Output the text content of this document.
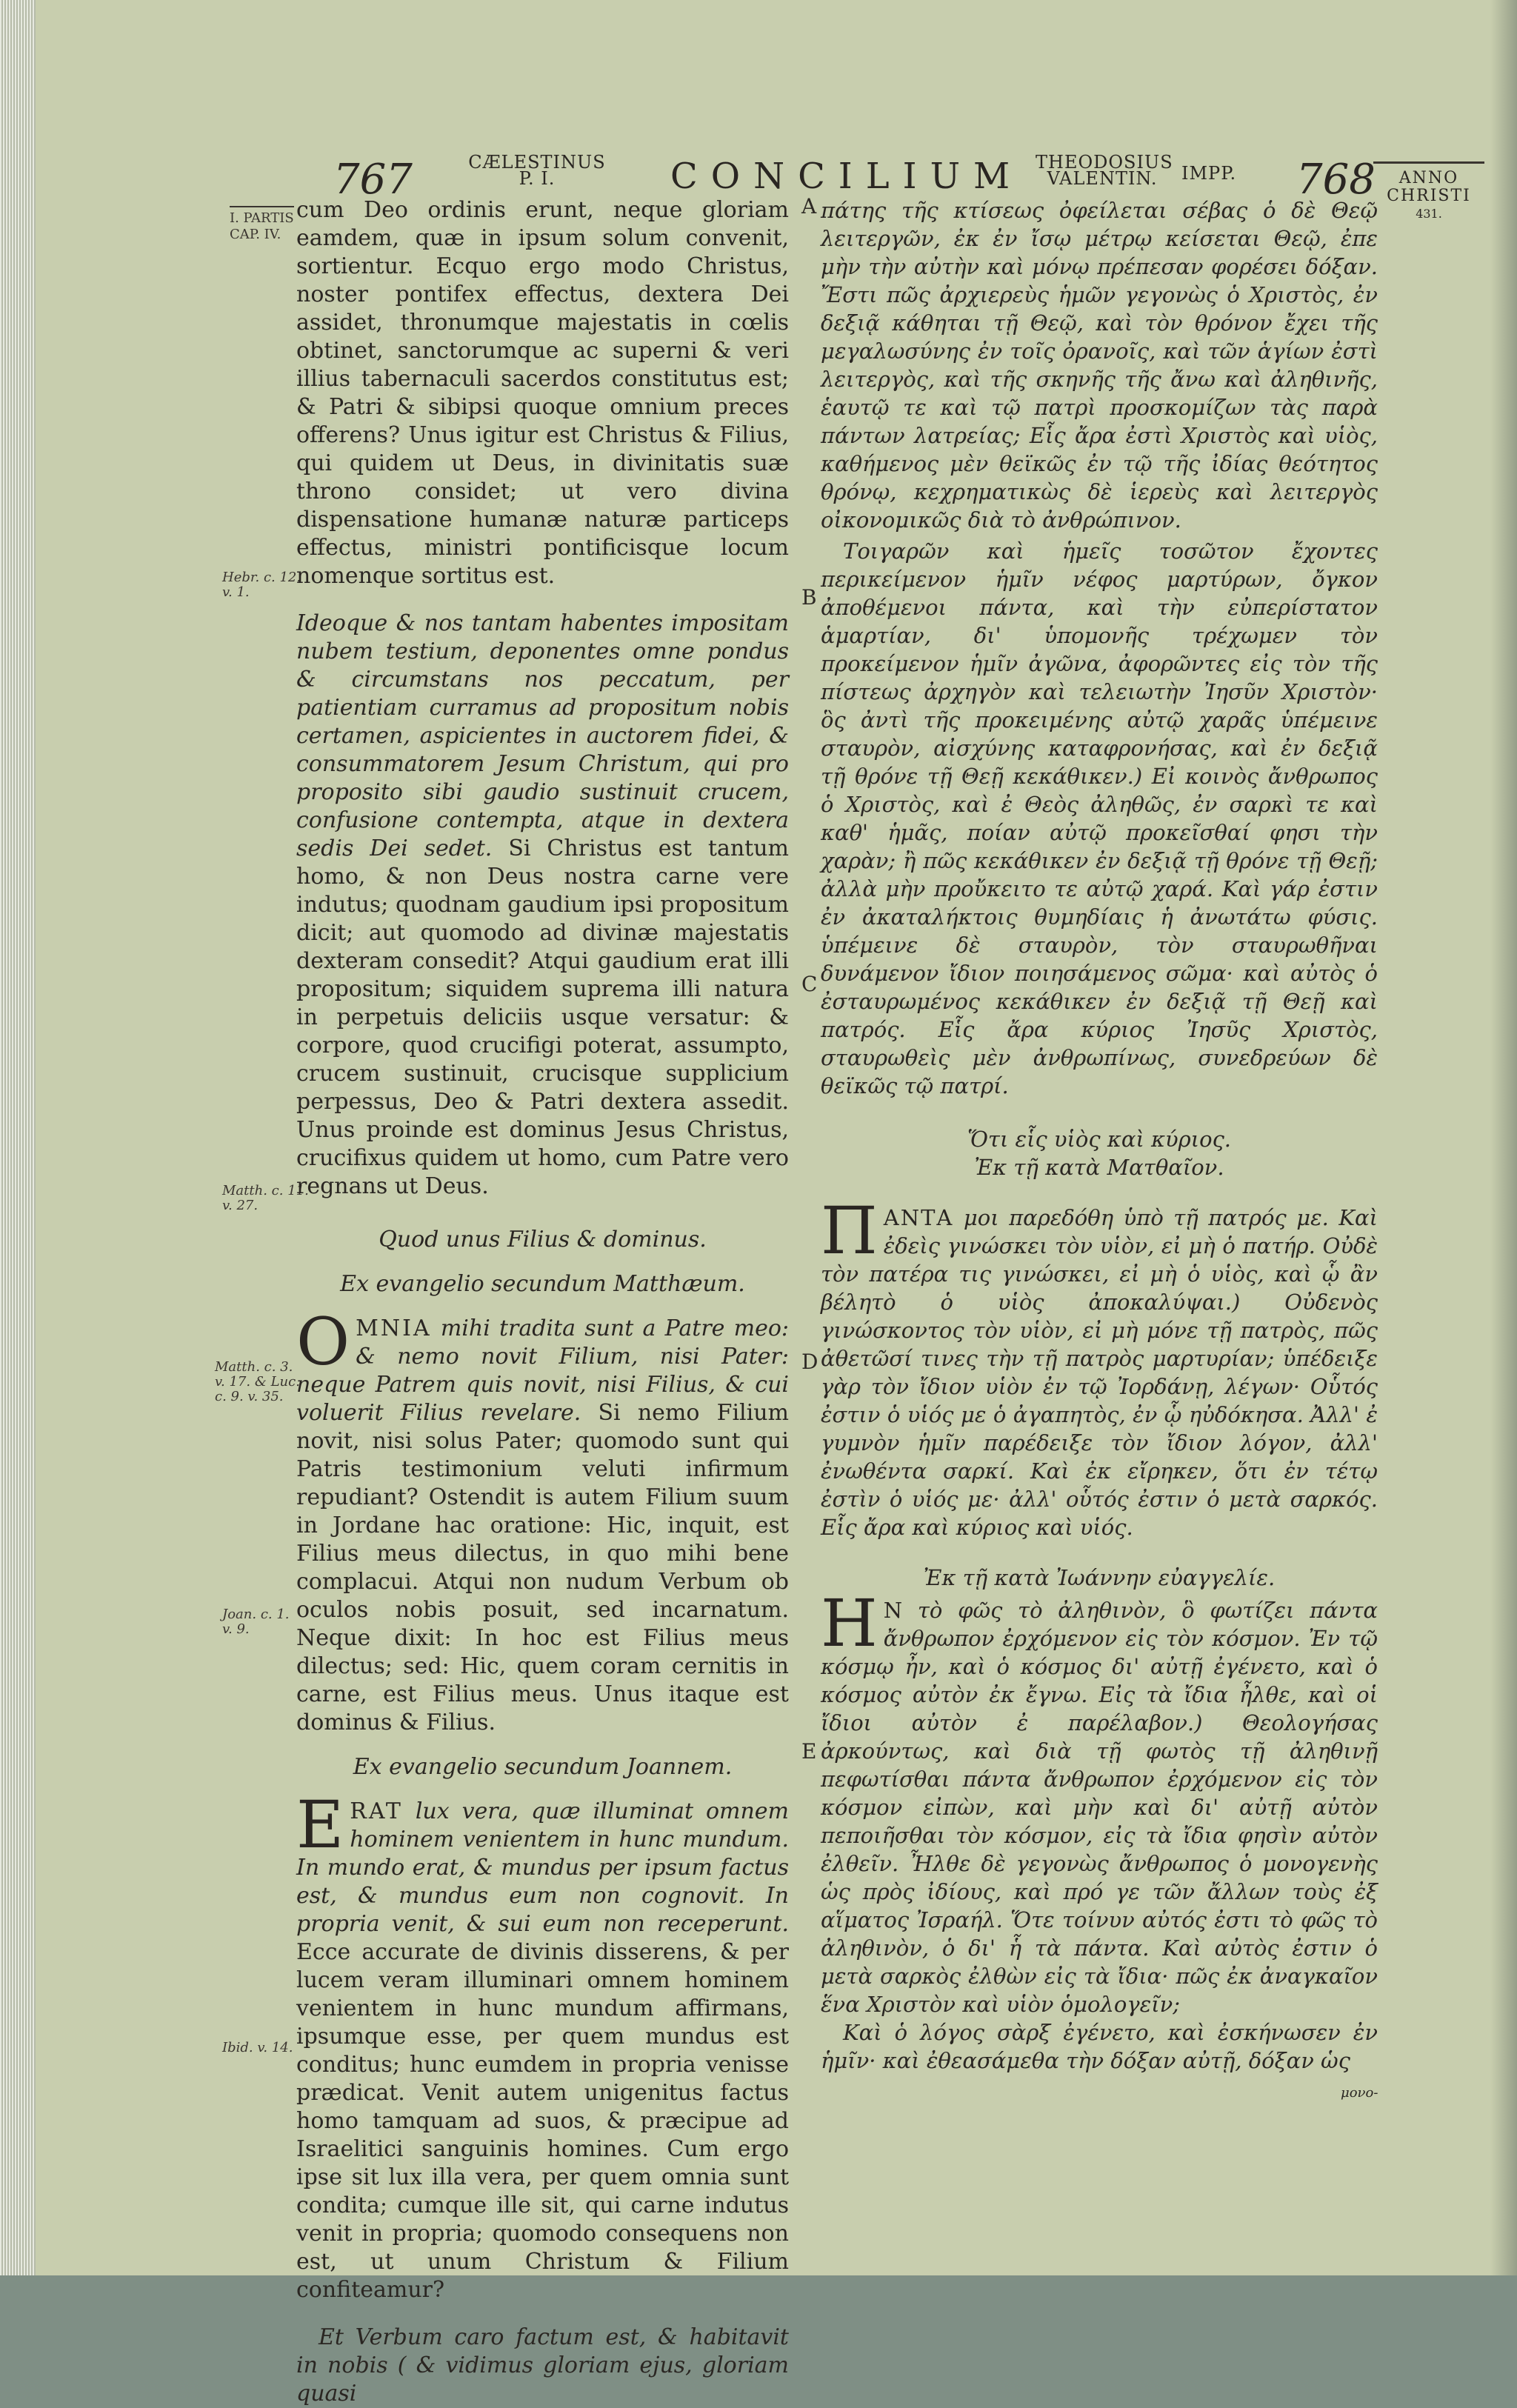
767	CÆLESTINUS
P. I.	CONCILIUM THEODOSIUS
VALENTIN.	IMPP. 768	ANNO
CHRISTI
431.
I. PARTIS
CAP. IV.
Hebr. c. 12.
v. 1.
Matth. c. 11.
v. 27.
Matth. c. 3.
v. 17. & Luc.
c. 9. v. 35.
Joan. c. 1.
v. 9.
Ibid. v. 14.
A
B
C
D
E

cum Deo ordinis erunt, neque gloriam eamdem, quæ in ipsum solum convenit, sortientur. Ecquo ergo modo Christus, noster pontifex effectus, dextera Dei assidet, thronumque majestatis in cœlis obtinet, sanctorumque ac superni & veri illius tabernaculi sacerdos constitutus est; & Patri & sibipsi quoque omnium preces offerens? Unus igitur est Christus & Filius, qui quidem ut Deus, in divinitatis suæ throno considet; ut vero divina dispensatione humanæ naturæ particeps effectus, ministri pontificisque locum nomenque sortitus est.

Ideoque & nos tantam habentes impositam nubem testium, deponentes omne pondus & circumstans nos peccatum, per patientiam curramus ad propositum nobis certamen, aspicientes in auctorem fidei, & consummatorem Jesum Christum, qui pro proposito sibi gaudio sustinuit crucem, confusione contempta, atque in dextera sedis Dei sedet. Si Christus est tantum homo, & non Deus nostra carne vere indutus; quodnam gaudium ipsi propositum dicit; aut quomodo ad divinæ majestatis dexteram consedit? Atqui gaudium erat illi propositum; siquidem suprema illi natura in perpetuis deliciis usque versatur: & corpore, quod crucifigi poterat, assumpto, crucem sustinuit, crucisque supplicium perpessus, Deo & Patri dextera assedit. Unus proinde est dominus Jesus Christus, crucifixus quidem ut homo, cum Patre vero regnans ut Deus.

Quod unus Filius & dominus.
Ex evangelio secundum Matthæum.

O MNIA mihi tradita sunt a Patre meo: & nemo novit Filium, nisi Pater: neque Patrem quis novit, nisi Filius, & cui voluerit Filius revelare. Si nemo Filium novit, nisi solus Pater; quomodo sunt qui Patris testimonium veluti infirmum repudiant? Ostendit is autem Filium suum in Jordane hac oratione: Hic, inquit, est Filius meus dilectus, in quo mihi bene complacui. Atqui non nudum Verbum ob oculos nobis posuit, sed incarnatum. Neque dixit: In hoc est Filius meus dilectus; sed: Hic, quem coram cernitis in carne, est Filius meus. Unus itaque est dominus & Filius.

Ex evangelio secundum Joannem.

E RAT lux vera, quæ illuminat omnem hominem venientem in hunc mundum. In mundo erat, & mundus per ipsum factus est, & mundus eum non cognovit. In propria venit, & sui eum non receperunt. Ecce accurate de divinis disserens, & per lucem veram illuminari omnem hominem venientem in hunc mundum affirmans, ipsumque esse, per quem mundus est conditus; hunc eumdem in propria venisse prædicat. Venit autem unigenitus factus homo tamquam ad suos, & præcipue ad Israelitici sanguinis homines. Cum ergo ipse sit lux illa vera, per quem omnia sunt condita; cumque ille sit, qui carne indutus venit in propria; quomodo consequens non est, ut unum Christum & Filium confiteamur?

Et Verbum caro factum est, & habitavit in nobis ( & vidimus gloriam ejus, gloriam quasi

πάτης τῆς κτίσεως ὀφείλεται σέβας ὁ δὲ Θεῷ λειτεργῶν, ἐκ ἐν ἴσῳ μέτρῳ κείσεται Θεῷ, ἐπε μὴν τὴν αὐτὴν καὶ μόνῳ πρέπεσαν φορέσει δόξαν. Ἔστι πῶς ἀρχιερεὺς ἡμῶν γεγονὼς ὁ Χριστὸς, ἐν δεξιᾷ κάθηται τῇ Θεῷ, καὶ τὸν θρόνον ἔχει τῆς μεγαλωσύνης ἐν τοῖς ὀρανοῖς, καὶ τῶν ἁγίων ἐστὶ λειτεργὸς, καὶ τῆς σκηνῆς τῆς ἄνω καὶ ἀληθινῆς, ἑαυτῷ τε καὶ τῷ πατρὶ προσκομίζων τὰς παρὰ πάντων λατρείας; Εἷς ἄρα ἐστὶ Χριστὸς καὶ υἱὸς, καθήμενος μὲν θεϊκῶς ἐν τῷ τῆς ἰδίας θεότητος θρόνῳ, κεχρηματικὼς δὲ ἱερεὺς καὶ λειτεργὸς οἰκονομικῶς διὰ τὸ ἀνθρώπινον.

Τοιγαρῶν καὶ ἡμεῖς τοσῶτον ἔχοντες περικείμενον ἡμῖν νέφος μαρτύρων, ὄγκον ἀποθέμενοι πάντα, καὶ τὴν εὐπερίστατον ἁμαρτίαν, δι' ὑπομονῆς τρέχωμεν τὸν προκείμενον ἡμῖν ἀγῶνα, ἀφορῶντες εἰς τὸν τῆς πίστεως ἀρχηγὸν καὶ τελειωτὴν Ἰησῦν Χριστὸν· ὃς ἀντὶ τῆς προκειμένης αὐτῷ χαρᾶς ὑπέμεινε σταυρὸν, αἰσχύνης καταφρονήσας, καὶ ἐν δεξιᾷ τῇ θρόνε τῇ Θεῇ κεκάθικεν.) Εἰ κοινὸς ἄνθρωπος ὁ Χριστὸς, καὶ ἐ Θεὸς ἀληθῶς, ἐν σαρκὶ τε καὶ καθ' ἡμᾶς, ποίαν αὐτῷ προκεῖσθαί φησι τὴν χαρὰν; ἢ πῶς κεκάθικεν ἐν δεξιᾷ τῇ θρόνε τῇ Θεῇ; ἀλλὰ μὴν προὔκειτο τε αὐτῷ χαρά. Καὶ γάρ ἐστιν ἐν ἀκαταλήκτοις θυμηδίαις ἡ ἀνωτάτω φύσις. ὑπέμεινε δὲ σταυρὸν, τὸν σταυρωθῆναι δυνάμενον ἴδιον ποιησάμενος σῶμα· καὶ αὐτὸς ὁ ἐσταυρωμένος κεκάθικεν ἐν δεξιᾷ τῇ Θεῇ καὶ πατρός. Εἷς ἄρα κύριος Ἰησῦς Χριστὸς, σταυρωθεὶς μὲν ἀνθρωπίνως, συνεδρεύων δὲ θεϊκῶς τῷ πατρί.

Ὅτι εἷς υἱὸς καὶ κύριος.
Ἐκ τῇ κατὰ Ματθαῖον.

Π ΑΝΤΑ μοι παρεδόθη ὑπὸ τῇ πατρός με. Καὶ ἐδεὶς γινώσκει τὸν υἱὸν, εἰ μὴ ὁ πατήρ. Οὐδὲ τὸν πατέρα τις γινώσκει, εἰ μὴ ὁ υἱὸς, καὶ ᾧ ἂν βέλητὸ ὁ υἱὸς ἀποκαλύψαι.) Οὐδενὸς γινώσκοντος τὸν υἱὸν, εἰ μὴ μόνε τῇ πατρὸς, πῶς ἀθετῶσί τινες τὴν τῇ πατρὸς μαρτυρίαν; ὑπέδειξε γὰρ τὸν ἴδιον υἱὸν ἐν τῷ Ἰορδάνῃ, λέγων· Οὗτός ἐστιν ὁ υἱός με ὁ ἀγαπητὸς, ἐν ᾧ ηὐδόκησα. Ἀλλ' ἐ γυμνὸν ἡμῖν παρέδειξε τὸν ἴδιον λόγον, ἀλλ' ἐνωθέντα σαρκί. Καὶ ἐκ εἴρηκεν, ὅτι ἐν τέτῳ ἐστὶν ὁ υἱός με· ἀλλ' οὗτός ἐστιν ὁ μετὰ σαρκός. Εἷς ἄρα καὶ κύριος καὶ υἱός.

Ἐκ τῇ κατὰ Ἰωάννην εὐαγγελίε.

Η Ν τὸ φῶς τὸ ἀληθινὸν, ὃ φωτίζει πάντα ἄνθρωπον ἐρχόμενον εἰς τὸν κόσμον. Ἐν τῷ κόσμῳ ἦν, καὶ ὁ κόσμος δι' αὐτῇ ἐγένετο, καὶ ὁ κόσμος αὐτὸν ἐκ ἔγνω. Εἰς τὰ ἴδια ἦλθε, καὶ οἱ ἴδιοι αὐτὸν ἐ παρέλαβον.) Θεολογήσας ἀρκούντως, καὶ διὰ τῇ φωτὸς τῇ ἀληθινῇ πεφωτίσθαι πάντα ἄνθρωπον ἐρχόμενον εἰς τὸν κόσμον εἰπὼν, καὶ μὴν καὶ δι' αὐτῇ αὐτὸν πεποιῆσθαι τὸν κόσμον, εἰς τὰ ἴδια φησὶν αὐτὸν ἐλθεῖν. Ἦλθε δὲ γεγονὼς ἄνθρωπος ὁ μονογενὴς ὡς πρὸς ἰδίους, καὶ πρό γε τῶν ἄλλων τοὺς ἐξ αἵματος Ἰσραήλ. Ὅτε τοίνυν αὐτός ἐστι τὸ φῶς τὸ ἀληθινὸν, ὁ δι' ἧ τὰ πάντα. Καὶ αὐτὸς ἐστιν ὁ μετὰ σαρκὸς ἐλθὼν εἰς τὰ ἴδια· πῶς ἐκ ἀναγκαῖον ἕνα Χριστὸν καὶ υἱὸν ὁμολογεῖν;

Καὶ ὁ λόγος σὰρξ ἐγένετο, καὶ ἐσκήνωσεν ἐν ἡμῖν· καὶ ἐθεασάμεθα τὴν δόξαν αὐτῇ, δόξαν ὡς

μονο-
